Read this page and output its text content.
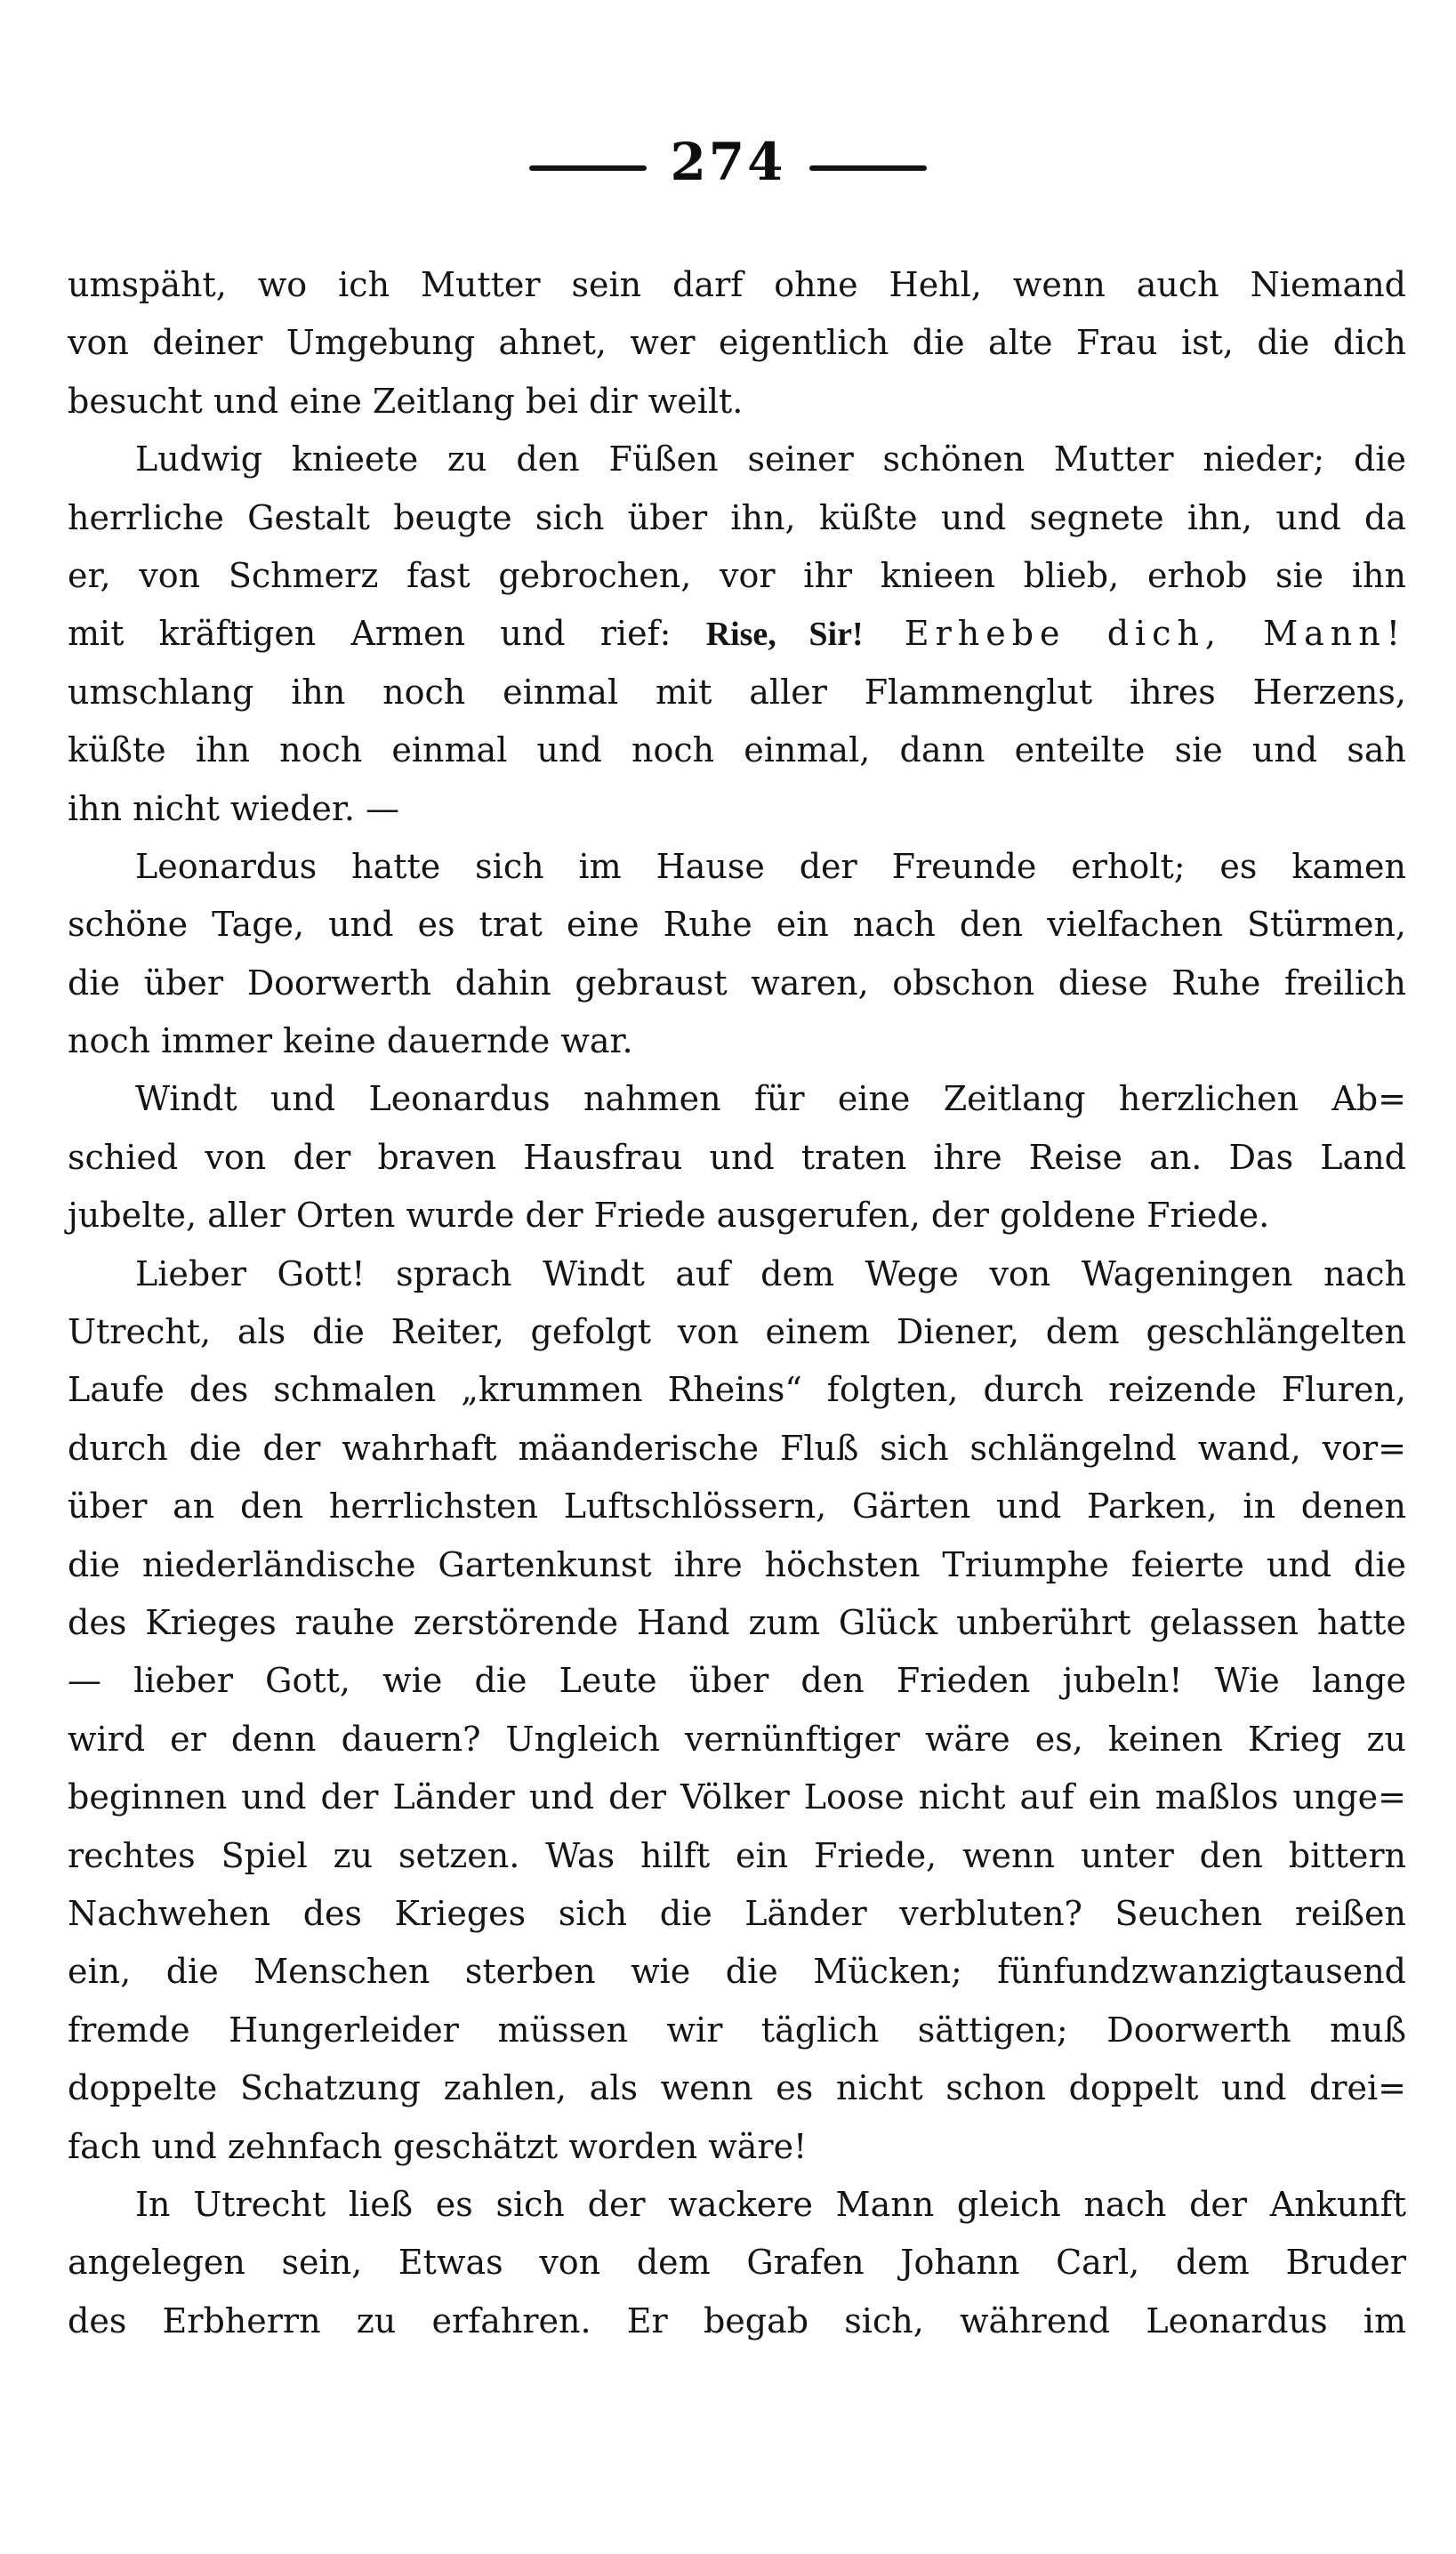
274
umspäht, wo ich Mutter sein darf ohne Hehl, wenn auch Niemand
von deiner Umgebung ahnet, wer eigentlich die alte Frau ist, die dich
besucht und eine Zeitlang bei dir weilt.
Ludwig knieete zu den Füßen seiner schönen Mutter nieder; die
herrliche Gestalt beugte sich über ihn, küßte und segnete ihn, und da
er, von Schmerz fast gebrochen, vor ihr knieen blieb, erhob sie ihn
mit kräftigen Armen und rief: Rise, Sir! Erhebe dich, Mann!
umschlang ihn noch einmal mit aller Flammenglut ihres Herzens,
küßte ihn noch einmal und noch einmal, dann enteilte sie und sah
ihn nicht wieder. —
Leonardus hatte sich im Hause der Freunde erholt; es kamen
schöne Tage, und es trat eine Ruhe ein nach den vielfachen Stürmen,
die über Doorwerth dahin gebraust waren, obschon diese Ruhe freilich
noch immer keine dauernde war.
Windt und Leonardus nahmen für eine Zeitlang herzlichen Ab=
schied von der braven Hausfrau und traten ihre Reise an. Das Land
jubelte, aller Orten wurde der Friede ausgerufen, der goldene Friede.
Lieber Gott! sprach Windt auf dem Wege von Wageningen nach
Utrecht, als die Reiter, gefolgt von einem Diener, dem geschlängelten
Laufe des schmalen „krummen Rheins“ folgten, durch reizende Fluren,
durch die der wahrhaft mäanderische Fluß sich schlängelnd wand, vor=
über an den herrlichsten Luftschlössern, Gärten und Parken, in denen
die niederländische Gartenkunst ihre höchsten Triumphe feierte und die
des Krieges rauhe zerstörende Hand zum Glück unberührt gelassen hatte
— lieber Gott, wie die Leute über den Frieden jubeln! Wie lange
wird er denn dauern? Ungleich vernünftiger wäre es, keinen Krieg zu
beginnen und der Länder und der Völker Loose nicht auf ein maßlos unge=
rechtes Spiel zu setzen. Was hilft ein Friede, wenn unter den bittern
Nachwehen des Krieges sich die Länder verbluten? Seuchen reißen
ein, die Menschen sterben wie die Mücken; fünfundzwanzigtausend
fremde Hungerleider müssen wir täglich sättigen; Doorwerth muß
doppelte Schatzung zahlen, als wenn es nicht schon doppelt und drei=
fach und zehnfach geschätzt worden wäre!
In Utrecht ließ es sich der wackere Mann gleich nach der Ankunft
angelegen sein, Etwas von dem Grafen Johann Carl, dem Bruder
des Erbherrn zu erfahren. Er begab sich, während Leonardus im
